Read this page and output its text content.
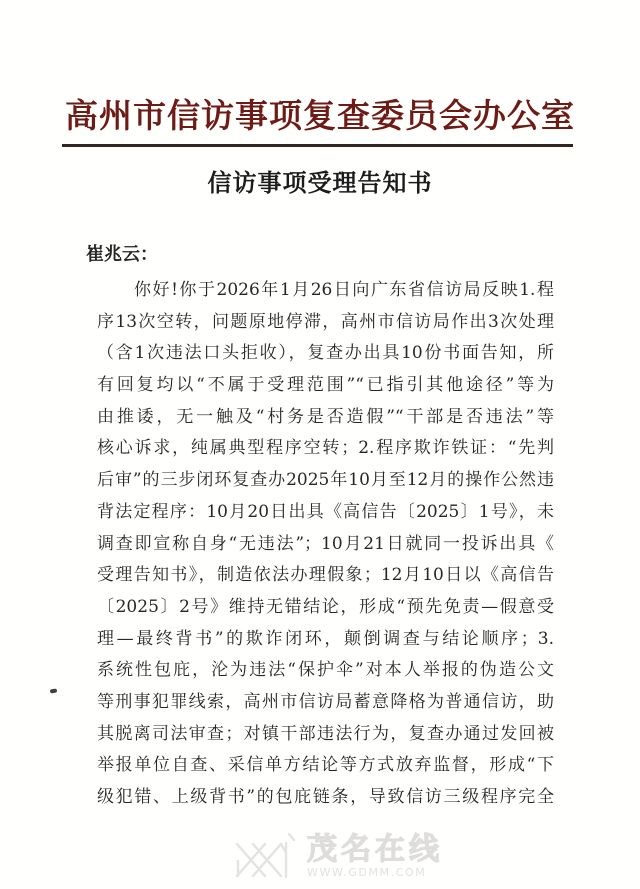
高州市信访事项复查委员会办公室
信访事项受理告知书
崔兆云：
你好!你于2026年1月26日向广东省信访局反映1.程
序13次空转，问题原地停滞，高州市信访局作出3次处理
（含1次违法口头拒收），复查办出具10份书面告知，所
有回复均以“不属于受理范围”“已指引其他途径”等为
由推诿，无一触及“村务是否造假”“干部是否违法”等
核心诉求，纯属典型程序空转；2.程序欺诈铁证：“先判
后审”的三步闭环复查办2025年10月至12月的操作公然违
背法定程序：10月20日出具《高信告〔2025〕1号》，未
调查即宣称自身“无违法”；10月21日就同一投诉出具《
受理告知书》，制造依法办理假象；12月10日以《高信告
〔2025〕2号》维持无错结论，形成“预先免责—假意受
理—最终背书”的欺诈闭环，颠倒调查与结论顺序；3.
系统性包庇，沦为违法“保护伞”对本人举报的伪造公文
等刑事犯罪线索，高州市信访局蓄意降格为普通信访，助
其脱离司法审查；对镇干部违法行为，复查办通过发回被
举报单位自查、采信单方结论等方式放弃监督，形成“下
级犯错、上级背书”的包庇链条，导致信访三级程序完全
茂名在线
WWW.GDMM.COM
